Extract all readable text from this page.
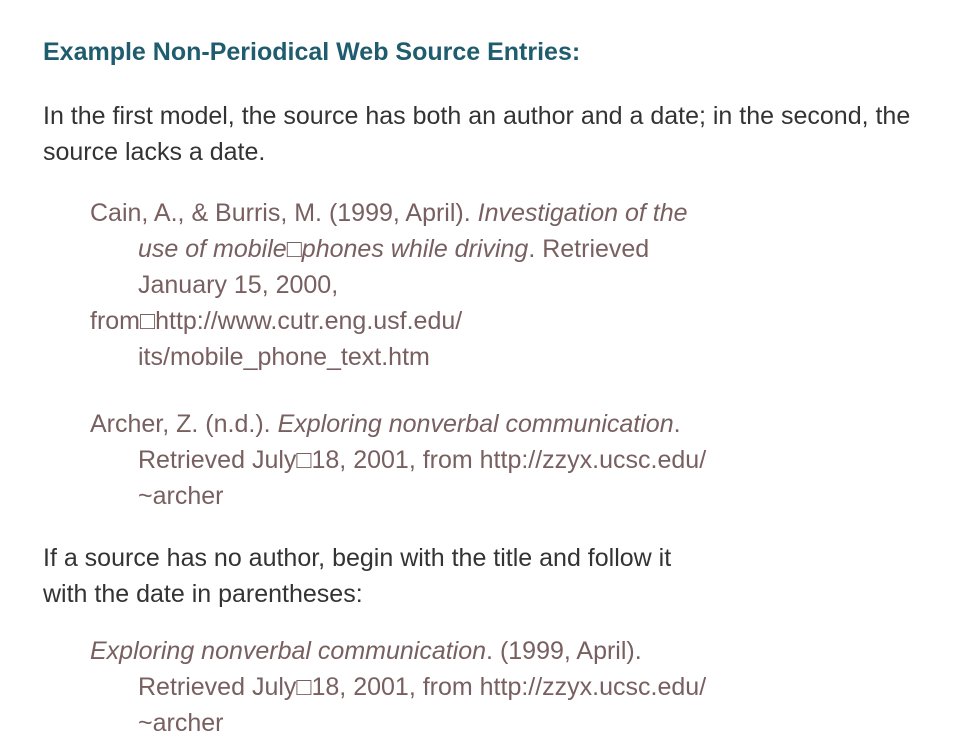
Example Non-Periodical Web Source Entries:

In the first model, the source has both an author and a date; in the second, the source lacks a date.

Cain, A., & Burris, M. (1999, April). Investigation of the

use of mobile□phones while driving. Retrieved

January 15, 2000,

from□http://www.cutr.eng.usf.edu/

its/mobile_phone_text.htm

Archer, Z. (n.d.). Exploring nonverbal communication.

Retrieved July□18, 2001, from http://zzyx.ucsc.edu/

~archer

If a source has no author, begin with the title and follow it

with the date in parentheses:

Exploring nonverbal communication. (1999, April).

Retrieved July□18, 2001, from http://zzyx.ucsc.edu/

~archer
